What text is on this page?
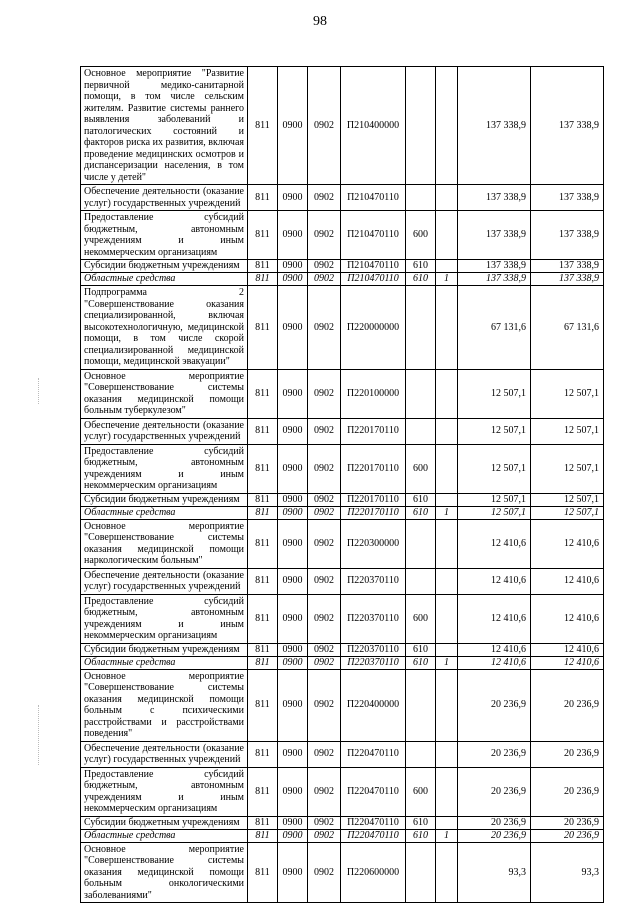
98
Основное мероприятие "Развитие первичной медико-санитарной помощи, в том числе сельским жителям. Развитие системы раннего выявления заболеваний и патологических состояний и факторов риска их развития, включая проведение медицинских осмотров и диспансеризации населения, в том числе у детей"	811	0900	0902	П210400000			137 338,9	137 338,9
Обеспечение деятельности (оказание услуг) государственных учреждений	811	0900	0902	П210470110			137 338,9	137 338,9
Предоставление субсидий бюджетным, автономным учреждениям и иным некоммерческим организациям	811	0900	0902	П210470110	600		137 338,9	137 338,9
Субсидии бюджетным учреждениям	811	0900	0902	П210470110	610		137 338,9	137 338,9
Областные средства	811	0900	0902	П210470110	610	1	137 338,9	137 338,9
Подпрограмма 2 "Совершенствование оказания специализированной, включая высокотехнологичную, медицинской помощи, в том числе скорой специализированной медицинской помощи, медицинской эвакуации"	811	0900	0902	П220000000			67 131,6	67 131,6
Основное мероприятие "Совершенствование системы оказания медицинской помощи больным туберкулезом"	811	0900	0902	П220100000			12 507,1	12 507,1
Обеспечение деятельности (оказание услуг) государственных учреждений	811	0900	0902	П220170110			12 507,1	12 507,1
Предоставление субсидий бюджетным, автономным учреждениям и иным некоммерческим организациям	811	0900	0902	П220170110	600		12 507,1	12 507,1
Субсидии бюджетным учреждениям	811	0900	0902	П220170110	610		12 507,1	12 507,1
Областные средства	811	0900	0902	П220170110	610	1	12 507,1	12 507,1
Основное мероприятие "Совершенствование системы оказания медицинской помощи наркологическим больным"	811	0900	0902	П220300000			12 410,6	12 410,6
Обеспечение деятельности (оказание услуг) государственных учреждений	811	0900	0902	П220370110			12 410,6	12 410,6
Предоставление субсидий бюджетным, автономным учреждениям и иным некоммерческим организациям	811	0900	0902	П220370110	600		12 410,6	12 410,6
Субсидии бюджетным учреждениям	811	0900	0902	П220370110	610		12 410,6	12 410,6
Областные средства	811	0900	0902	П220370110	610	1	12 410,6	12 410,6
Основное мероприятие "Совершенствование системы оказания медицинской помощи больным с психическими расстройствами и расстройствами поведения"	811	0900	0902	П220400000			20 236,9	20 236,9
Обеспечение деятельности (оказание услуг) государственных учреждений	811	0900	0902	П220470110			20 236,9	20 236,9
Предоставление субсидий бюджетным, автономным учреждениям и иным некоммерческим организациям	811	0900	0902	П220470110	600		20 236,9	20 236,9
Субсидии бюджетным учреждениям	811	0900	0902	П220470110	610		20 236,9	20 236,9
Областные средства	811	0900	0902	П220470110	610	1	20 236,9	20 236,9
Основное мероприятие "Совершенствование системы оказания медицинской помощи больным онкологическими заболеваниями"	811	0900	0902	П220600000			93,3	93,3
